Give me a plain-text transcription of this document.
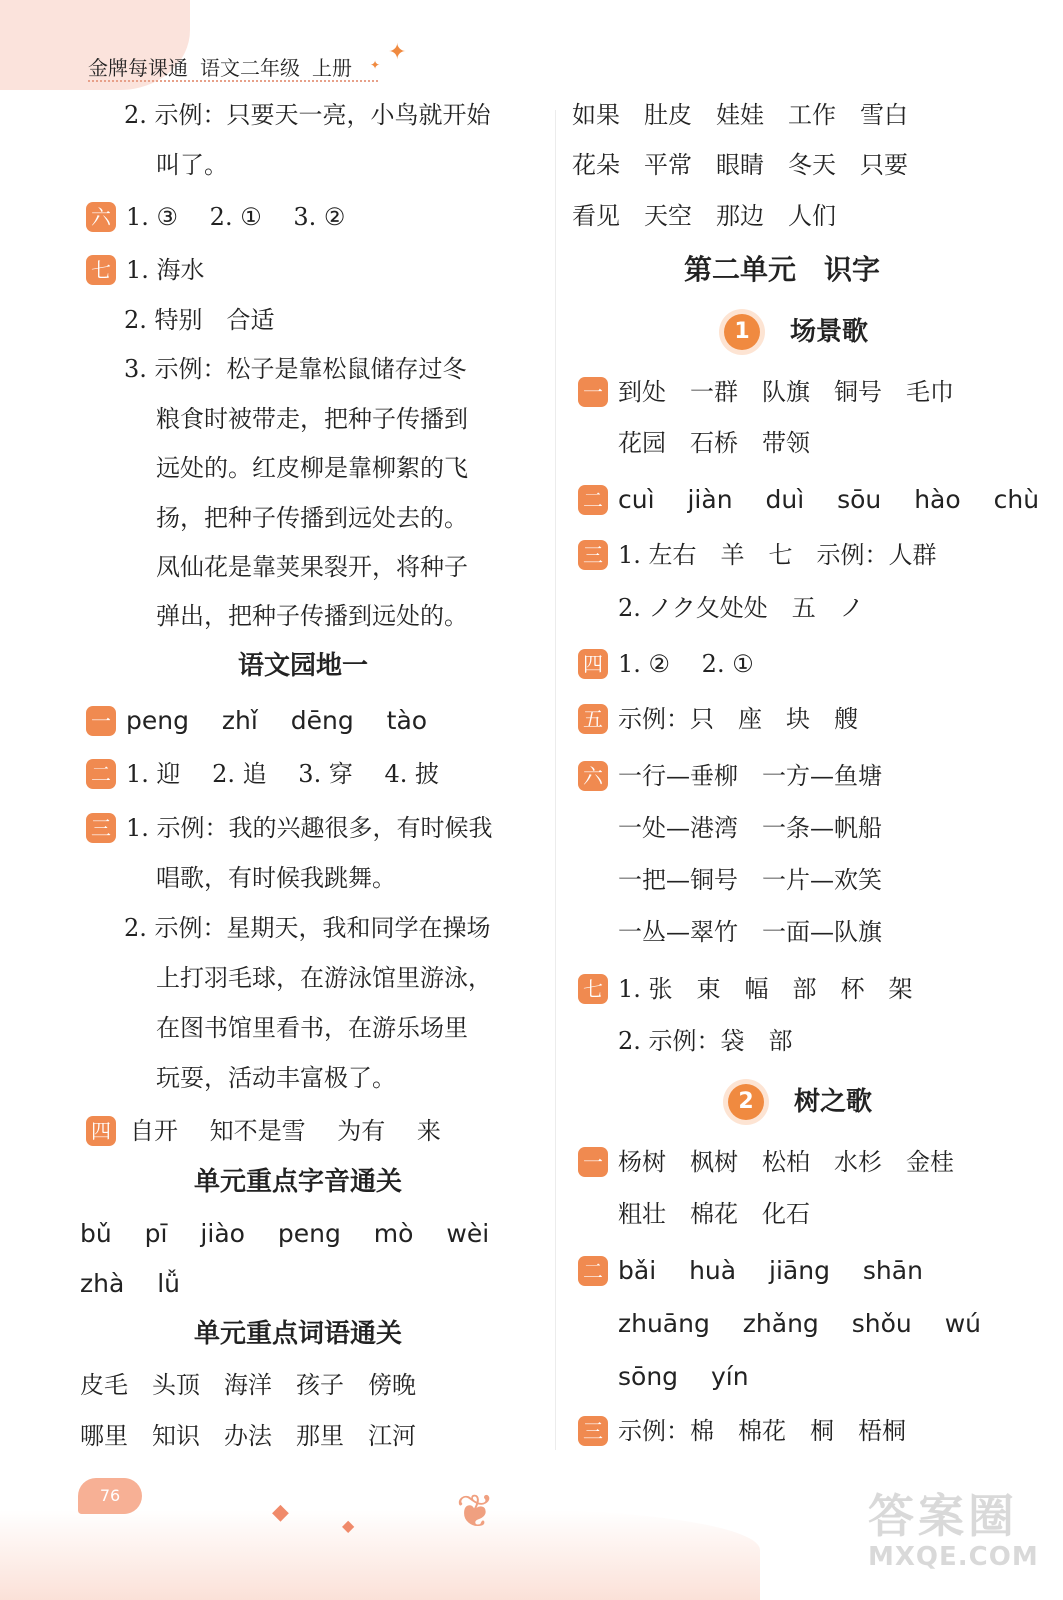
金牌每课通 语文二年级 上册
✦
✦
2. 示例：只要天一亮，小鸟就开始
叫了。
六 1. ③　 2. ①　 3. ②
七 1. 海水
2. 特别　合适
3. 示例：松子是靠松鼠储存过冬
粮食时被带走，把种子传播到
远处的。红皮柳是靠柳絮的飞
扬，把种子传播到远处去的。
凤仙花是靠荚果裂开，将种子
弹出，把种子传播到远处的。
语文园地一
一 peng　 zhǐ　 dēng　 tào
二 1. 迎　 2. 追　 3. 穿　 4. 披
三 1. 示例：我的兴趣很多，有时候我
唱歌，有时候我跳舞。
2. 示例：星期天，我和同学在操场
上打羽毛球，在游泳馆里游泳，
在图书馆里看书，在游乐场里
玩耍，活动丰富极了。
四 自开　 知不是雪　 为有　 来
单元重点字音通关
bǔ　 pī　 jiào　 peng　 mò　 wèi
zhà　 lǚ
单元重点词语通关
皮毛　头顶　海洋　孩子　傍晚
哪里　知识　办法　那里　江河
如果　肚皮　娃娃　工作　雪白
花朵　平常　眼睛　冬天　只要
看见　天空　那边　人们
第二单元　识字
1	场景歌
一 到处　一群　队旗　铜号　毛巾
花园　石桥　带领
二 cuì　 jiàn　 duì　 sōu　 hào　 chù
三 1. 左右　羊　七　示例：人群
2. ノク夂处处　五　ノ
四 1. ②　 2. ①
五 示例：只　座　块　艘
六 一行—垂柳　一方—鱼塘
一处—港湾　一条—帆船
一把—铜号　一片—欢笑
一丛—翠竹　一面—队旗
七 1. 张　束　幅　部　杯　架
2. 示例：袋　部
2	树之歌
一 杨树　枫树　松柏　水杉　金桂
粗壮　棉花　化石
二 bǎi　 huà　 jiāng　 shān
zhuāng　 zhǎng　 shǒu　 wú
sōng　 yín
三 示例：棉　棉花　桐　梧桐
76
◆
◆ ❦	答案圈
MXQE.COM
